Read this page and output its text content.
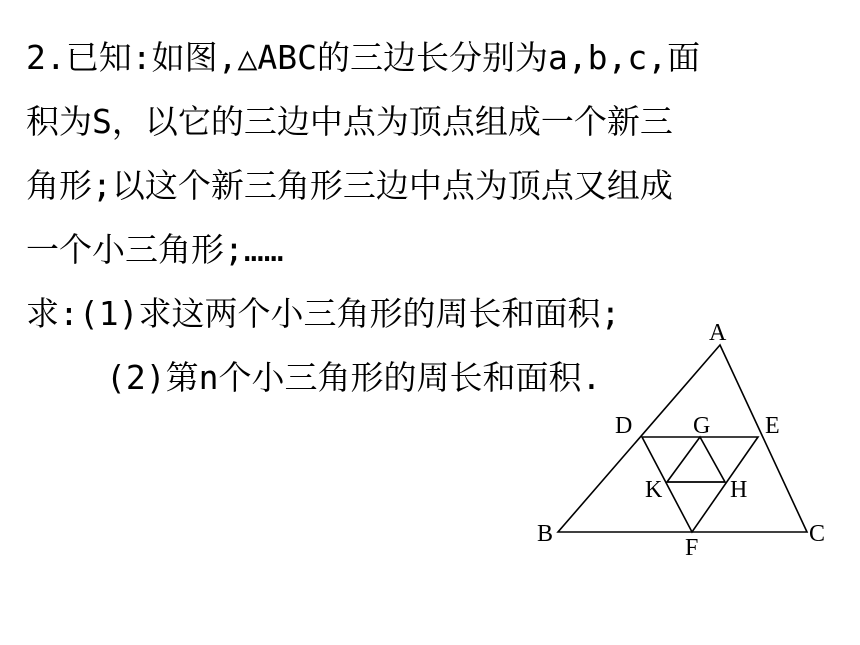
2.已知:如图,△ABC的三边长分别为a,b,c,面
积为S，以它的三边中点为顶点组成一个新三
角形;以这个新三角形三边中点为顶点又组成
一个小三角形;……
求:(1)求这两个小三角形的周长和面积;
(2)第n个小三角形的周长和面积.
A
B	C
D	E
F
G
H
K
